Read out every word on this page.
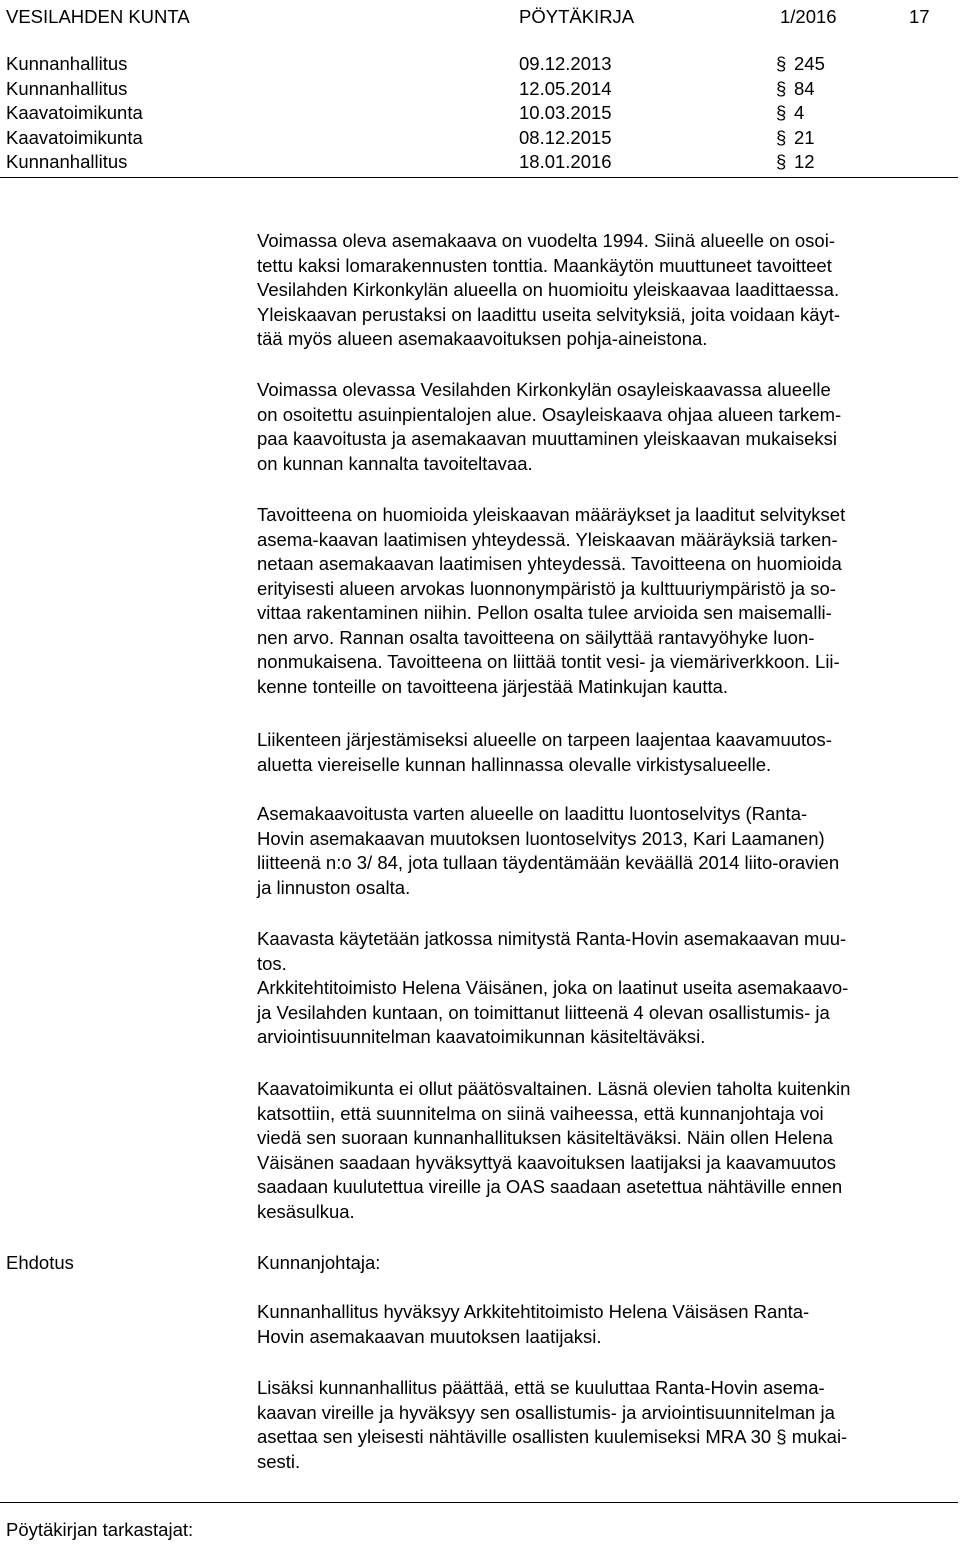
VESILAHDEN KUNTA	PÖYTÄKIRJA	1/2016	17
Kunnanhallitus	09.12.2013	§ 245
Kunnanhallitus	12.05.2014	§ 84
Kaavatoimikunta	10.03.2015	§ 4
Kaavatoimikunta	08.12.2015	§ 21
Kunnanhallitus	18.01.2016	§ 12
Voimassa oleva asemakaava on vuodelta 1994. Siinä alueelle on osoi-
tettu kaksi lomarakennusten tonttia. Maankäytön muuttuneet tavoitteet
Vesilahden Kirkonkylän alueella on huomioitu yleiskaavaa laadittaessa.
Yleiskaavan perustaksi on laadittu useita selvityksiä, joita voidaan käyt-
tää myös alueen asemakaavoituksen pohja-aineistona.
Voimassa olevassa Vesilahden Kirkonkylän osayleiskaavassa alueelle
on osoitettu asuinpientalojen alue. Osayleiskaava ohjaa alueen tarkem-
paa kaavoitusta ja asemakaavan muuttaminen yleiskaavan mukaiseksi
on kunnan kannalta tavoiteltavaa.
Tavoitteena on huomioida yleiskaavan määräykset ja laaditut selvitykset
asema-kaavan laatimisen yhteydessä. Yleiskaavan määräyksiä tarken-
netaan asemakaavan laatimisen yhteydessä. Tavoitteena on huomioida
erityisesti alueen arvokas luonnonympäristö ja kulttuuriympäristö ja so-
vittaa rakentaminen niihin. Pellon osalta tulee arvioida sen maisemalli-
nen arvo. Rannan osalta tavoitteena on säilyttää rantavyöhyke luon-
nonmukaisena. Tavoitteena on liittää tontit vesi- ja viemäriverkkoon. Lii-
kenne tonteille on tavoitteena järjestää Matinkujan kautta.
Liikenteen järjestämiseksi alueelle on tarpeen laajentaa kaavamuutos-
aluetta viereiselle kunnan hallinnassa olevalle virkistysalueelle.
Asemakaavoitusta varten alueelle on laadittu luontoselvitys (Ranta-
Hovin asemakaavan muutoksen luontoselvitys 2013, Kari Laamanen)
liitteenä n:o 3/ 84, jota tullaan täydentämään keväällä 2014 liito-oravien
ja linnuston osalta.
Kaavasta käytetään jatkossa nimitystä Ranta-Hovin asemakaavan muu-
tos.
Arkkitehtitoimisto Helena Väisänen, joka on laatinut useita asemakaavo-
ja Vesilahden kuntaan, on toimittanut liitteenä 4 olevan osallistumis- ja
arviointisuunnitelman kaavatoimikunnan käsiteltäväksi.
Kaavatoimikunta ei ollut päätösvaltainen. Läsnä olevien taholta kuitenkin
katsottiin, että suunnitelma on siinä vaiheessa, että kunnanjohtaja voi
viedä sen suoraan kunnanhallituksen käsiteltäväksi. Näin ollen Helena
Väisänen saadaan hyväksyttyä kaavoituksen laatijaksi ja kaavamuutos
saadaan kuulutettua vireille ja OAS saadaan asetettua nähtäville ennen
kesäsulkua.
Ehdotus	Kunnanjohtaja:
Kunnanhallitus hyväksyy Arkkitehtitoimisto Helena Väisäsen Ranta-
Hovin asemakaavan muutoksen laatijaksi.
Lisäksi kunnanhallitus päättää, että se kuuluttaa Ranta-Hovin asema-
kaavan vireille ja hyväksyy sen osallistumis- ja arviointisuunnitelman ja
asettaa sen yleisesti nähtäville osallisten kuulemiseksi MRA 30 § mukai-
sesti.
Pöytäkirjan tarkastajat:
